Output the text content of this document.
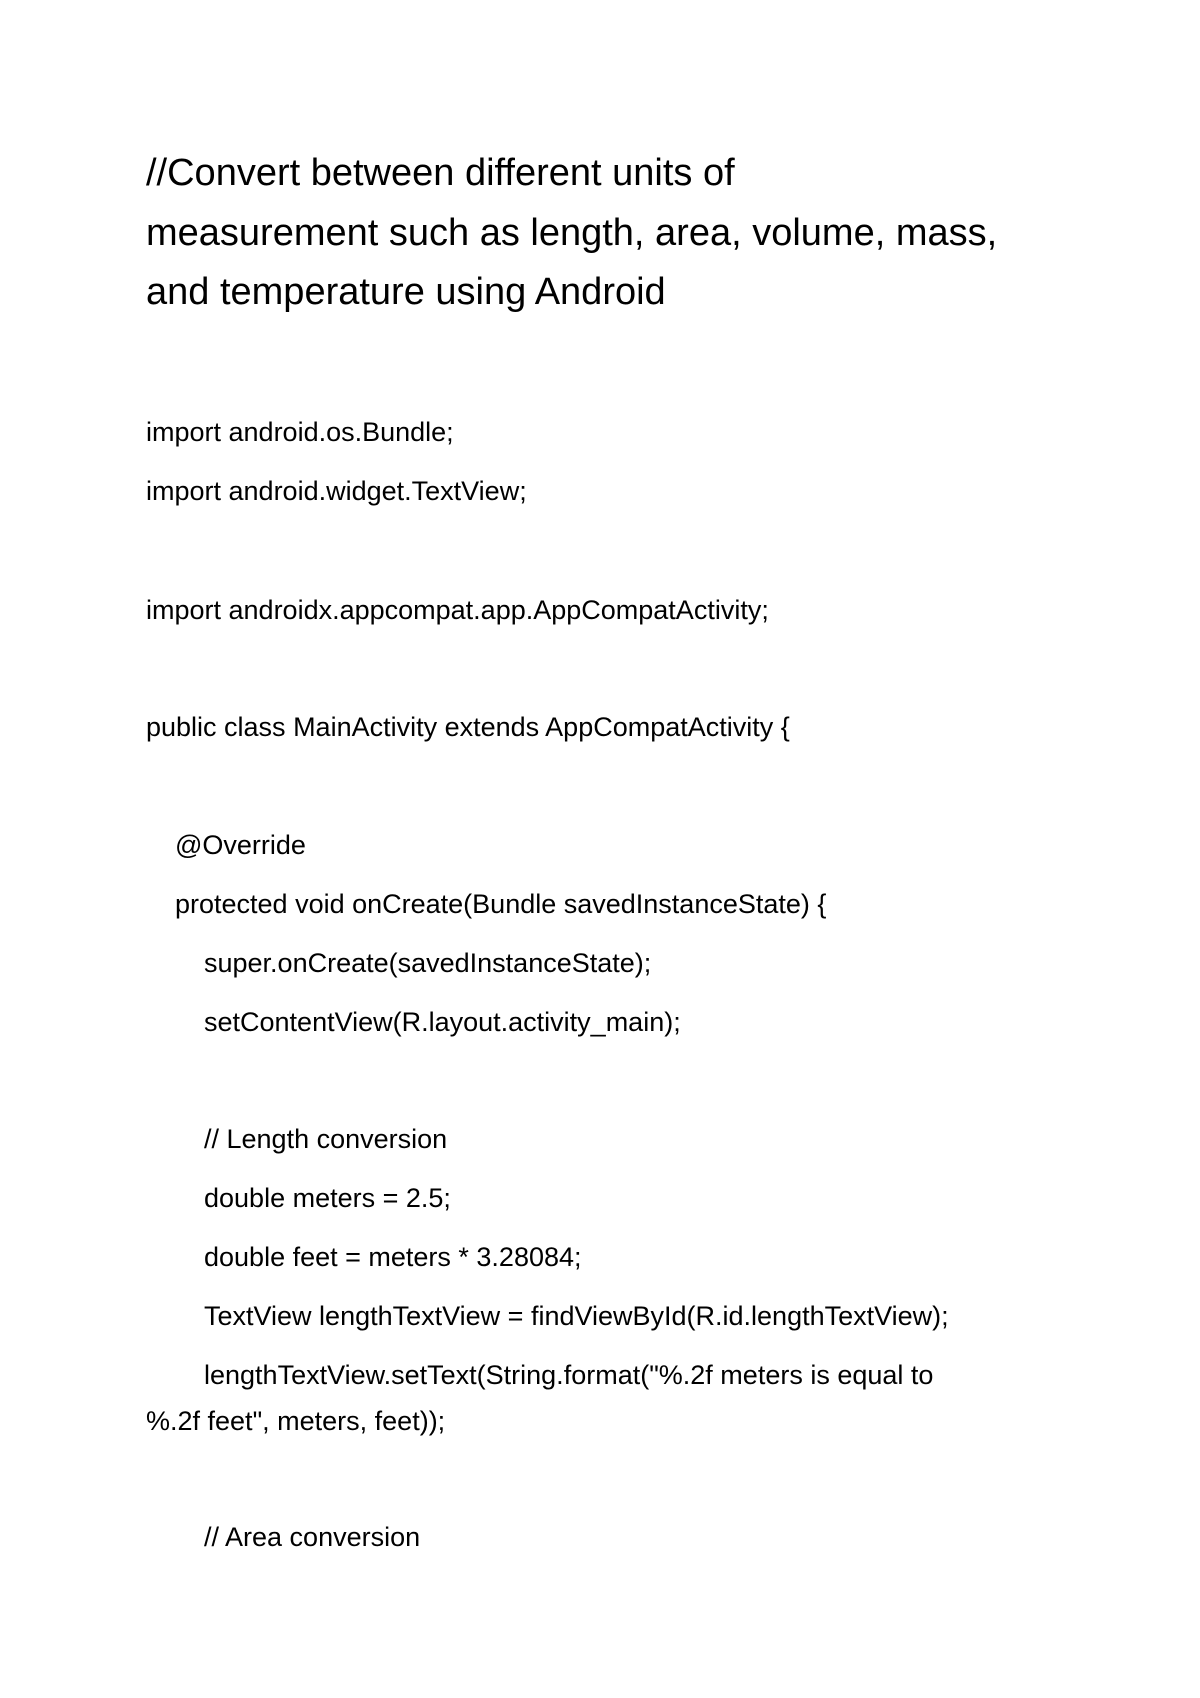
//Convert between different units of
measurement such as length, area, volume, mass,
and temperature using Android
import android.os.Bundle;
import android.widget.TextView;
import androidx.appcompat.app.AppCompatActivity;
public class MainActivity extends AppCompatActivity {
@Override
protected void onCreate(Bundle savedInstanceState) {
super.onCreate(savedInstanceState);
setContentView(R.layout.activity_main);
// Length conversion
double meters = 2.5;
double feet = meters * 3.28084;
TextView lengthTextView = findViewById(R.id.lengthTextView);
lengthTextView.setText(String.format("%.2f meters is equal to
%.2f feet", meters, feet));
// Area conversion
